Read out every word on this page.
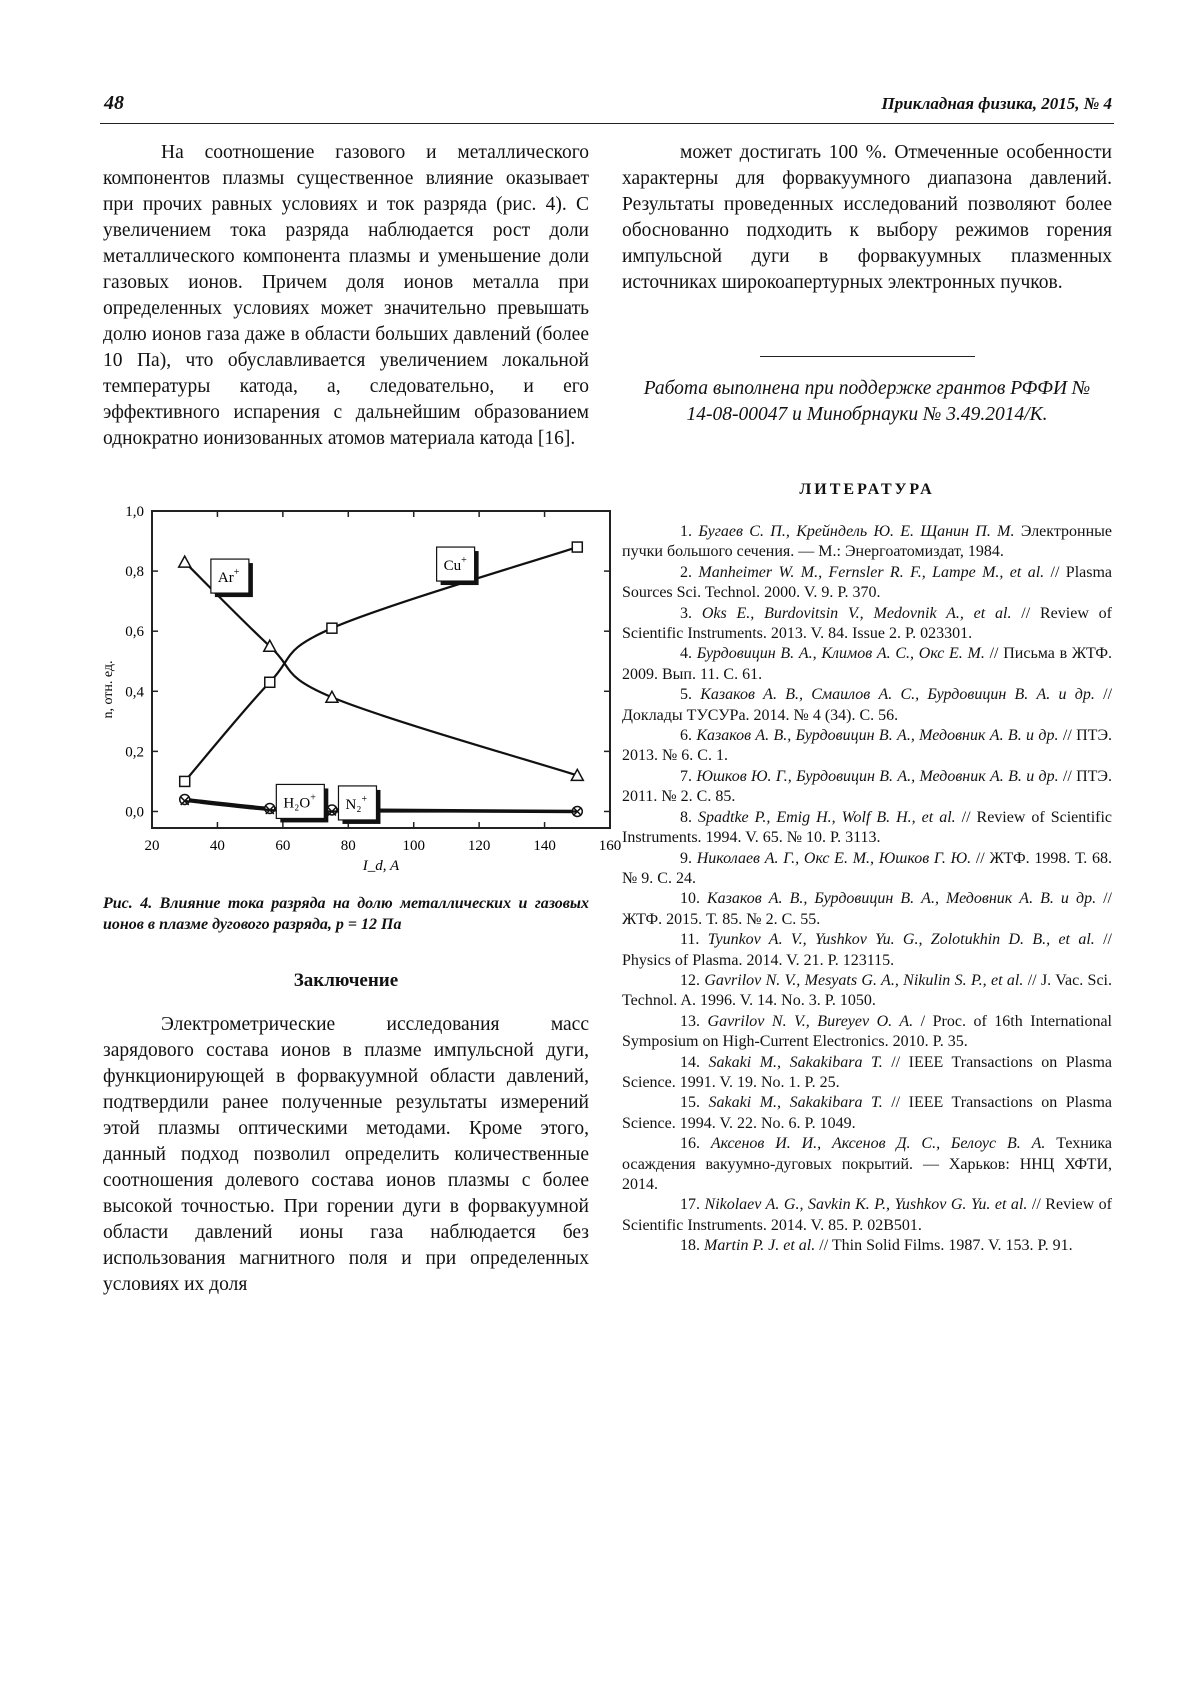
48	Прикладная физика, 2015, № 4

На соотношение газового и металлического компонентов плазмы существенное влияние оказывает при прочих равных условиях и ток разряда (рис. 4). С увеличением тока разряда наблюдается рост доли металлического компонента плазмы и уменьшение доли газовых ионов. Причем доля ионов металла при определенных условиях может значительно превышать долю ионов газа даже в области больших давлений (более 10 Па), что обуславливается увеличением локальной температуры катода, а, следовательно, и его эффективного испарения с дальнейшим образованием однократно ионизованных атомов материала катода [16].

20	40	60	80	100	120	140	160
0,0
0,2
0,4
0,6
0,8
1,0
I_d, A
n, отн. ед.
Ar+	Cu+
H₂O+ N₂+
Рис. 4. Влияние тока разряда на долю металлических и газовых ионов в плазме дугового разряда, p = 12 Па
Заключение

Электрометрические исследования масс зарядового состава ионов в плазме импульсной дуги, функционирующей в форвакуумной области давлений, подтвердили ранее полученные результаты измерений этой плазмы оптическими методами. Кроме этого, данный подход позволил определить количественные соотношения долевого состава ионов плазмы с более высокой точностью. При горении дуги в форвакуумной области давлений ионы газа наблюдается без использования магнитного поля и при определенных условиях их доля

может достигать 100 %. Отмеченные особенности характерны для форвакуумного диапазона давлений. Результаты проведенных исследований позволяют более обоснованно подходить к выбору режимов горения импульсной дуги в форвакуумных плазменных источниках широкоапертурных электронных пучков.

Работа выполнена при поддержке грантов РФФИ № 14-08-00047 и Минобрнауки № 3.49.2014/К.
ЛИТЕРАТУРА

1. Бугаев С. П., Крейндель Ю. Е. Щанин П. М. Электронные пучки большого сечения. — М.: Энергоатомиздат, 1984.

2. Manheimer W. M., Fernsler R. F., Lampe M., et al. // Plasma Sources Sci. Technol. 2000. V. 9. P. 370.

3. Oks E., Burdovitsin V., Medovnik A., et al. // Review of Scientific Instruments. 2013. V. 84. Issue 2. P. 023301.

4. Бурдовицин В. А., Климов А. С., Окс Е. М. // Письма в ЖТФ. 2009. Вып. 11. С. 61.

5. Казаков А. В., Смаилов А. С., Бурдовицин В. А. и др. // Доклады ТУСУРа. 2014. № 4 (34). С. 56.

6. Казаков А. В., Бурдовицин В. А., Медовник А. В. и др. // ПТЭ. 2013. № 6. С. 1.

7. Юшков Ю. Г., Бурдовицин В. А., Медовник А. В. и др. // ПТЭ. 2011. № 2. С. 85.

8. Spadtke P., Emig H., Wolf B. H., et al. // Review of Scientific Instruments. 1994. V. 65. № 10. P. 3113.

9. Николаев А. Г., Окс Е. М., Юшков Г. Ю. // ЖТФ. 1998. Т. 68. № 9. С. 24.

10. Казаков А. В., Бурдовицин В. А., Медовник А. В. и др. // ЖТФ. 2015. Т. 85. № 2. С. 55.

11. Tyunkov A. V., Yushkov Yu. G., Zolotukhin D. B., et al. // Physics of Plasma. 2014. V. 21. P. 123115.

12. Gavrilov N. V., Mesyats G. A., Nikulin S. P., et al. // J. Vac. Sci. Technol. A. 1996. V. 14. No. 3. P. 1050.

13. Gavrilov N. V., Bureyev O. A. / Proc. of 16th International Symposium on High-Current Electronics. 2010. P. 35.

14. Sakaki M., Sakakibara T. // IEEE Transactions on Plasma Science. 1991. V. 19. No. 1. P. 25.

15. Sakaki M., Sakakibara T. // IEEE Transactions on Plasma Science. 1994. V. 22. No. 6. P. 1049.

16. Аксенов И. И., Аксенов Д. С., Белоус В. А. Техника осаждения вакуумно-дуговых покрытий. — Харьков: ННЦ ХФТИ, 2014.

17. Nikolaev A. G., Savkin K. P., Yushkov G. Yu. et al. // Review of Scientific Instruments. 2014. V. 85. P. 02B501.

18. Martin P. J. et al. // Thin Solid Films. 1987. V. 153. P. 91.
